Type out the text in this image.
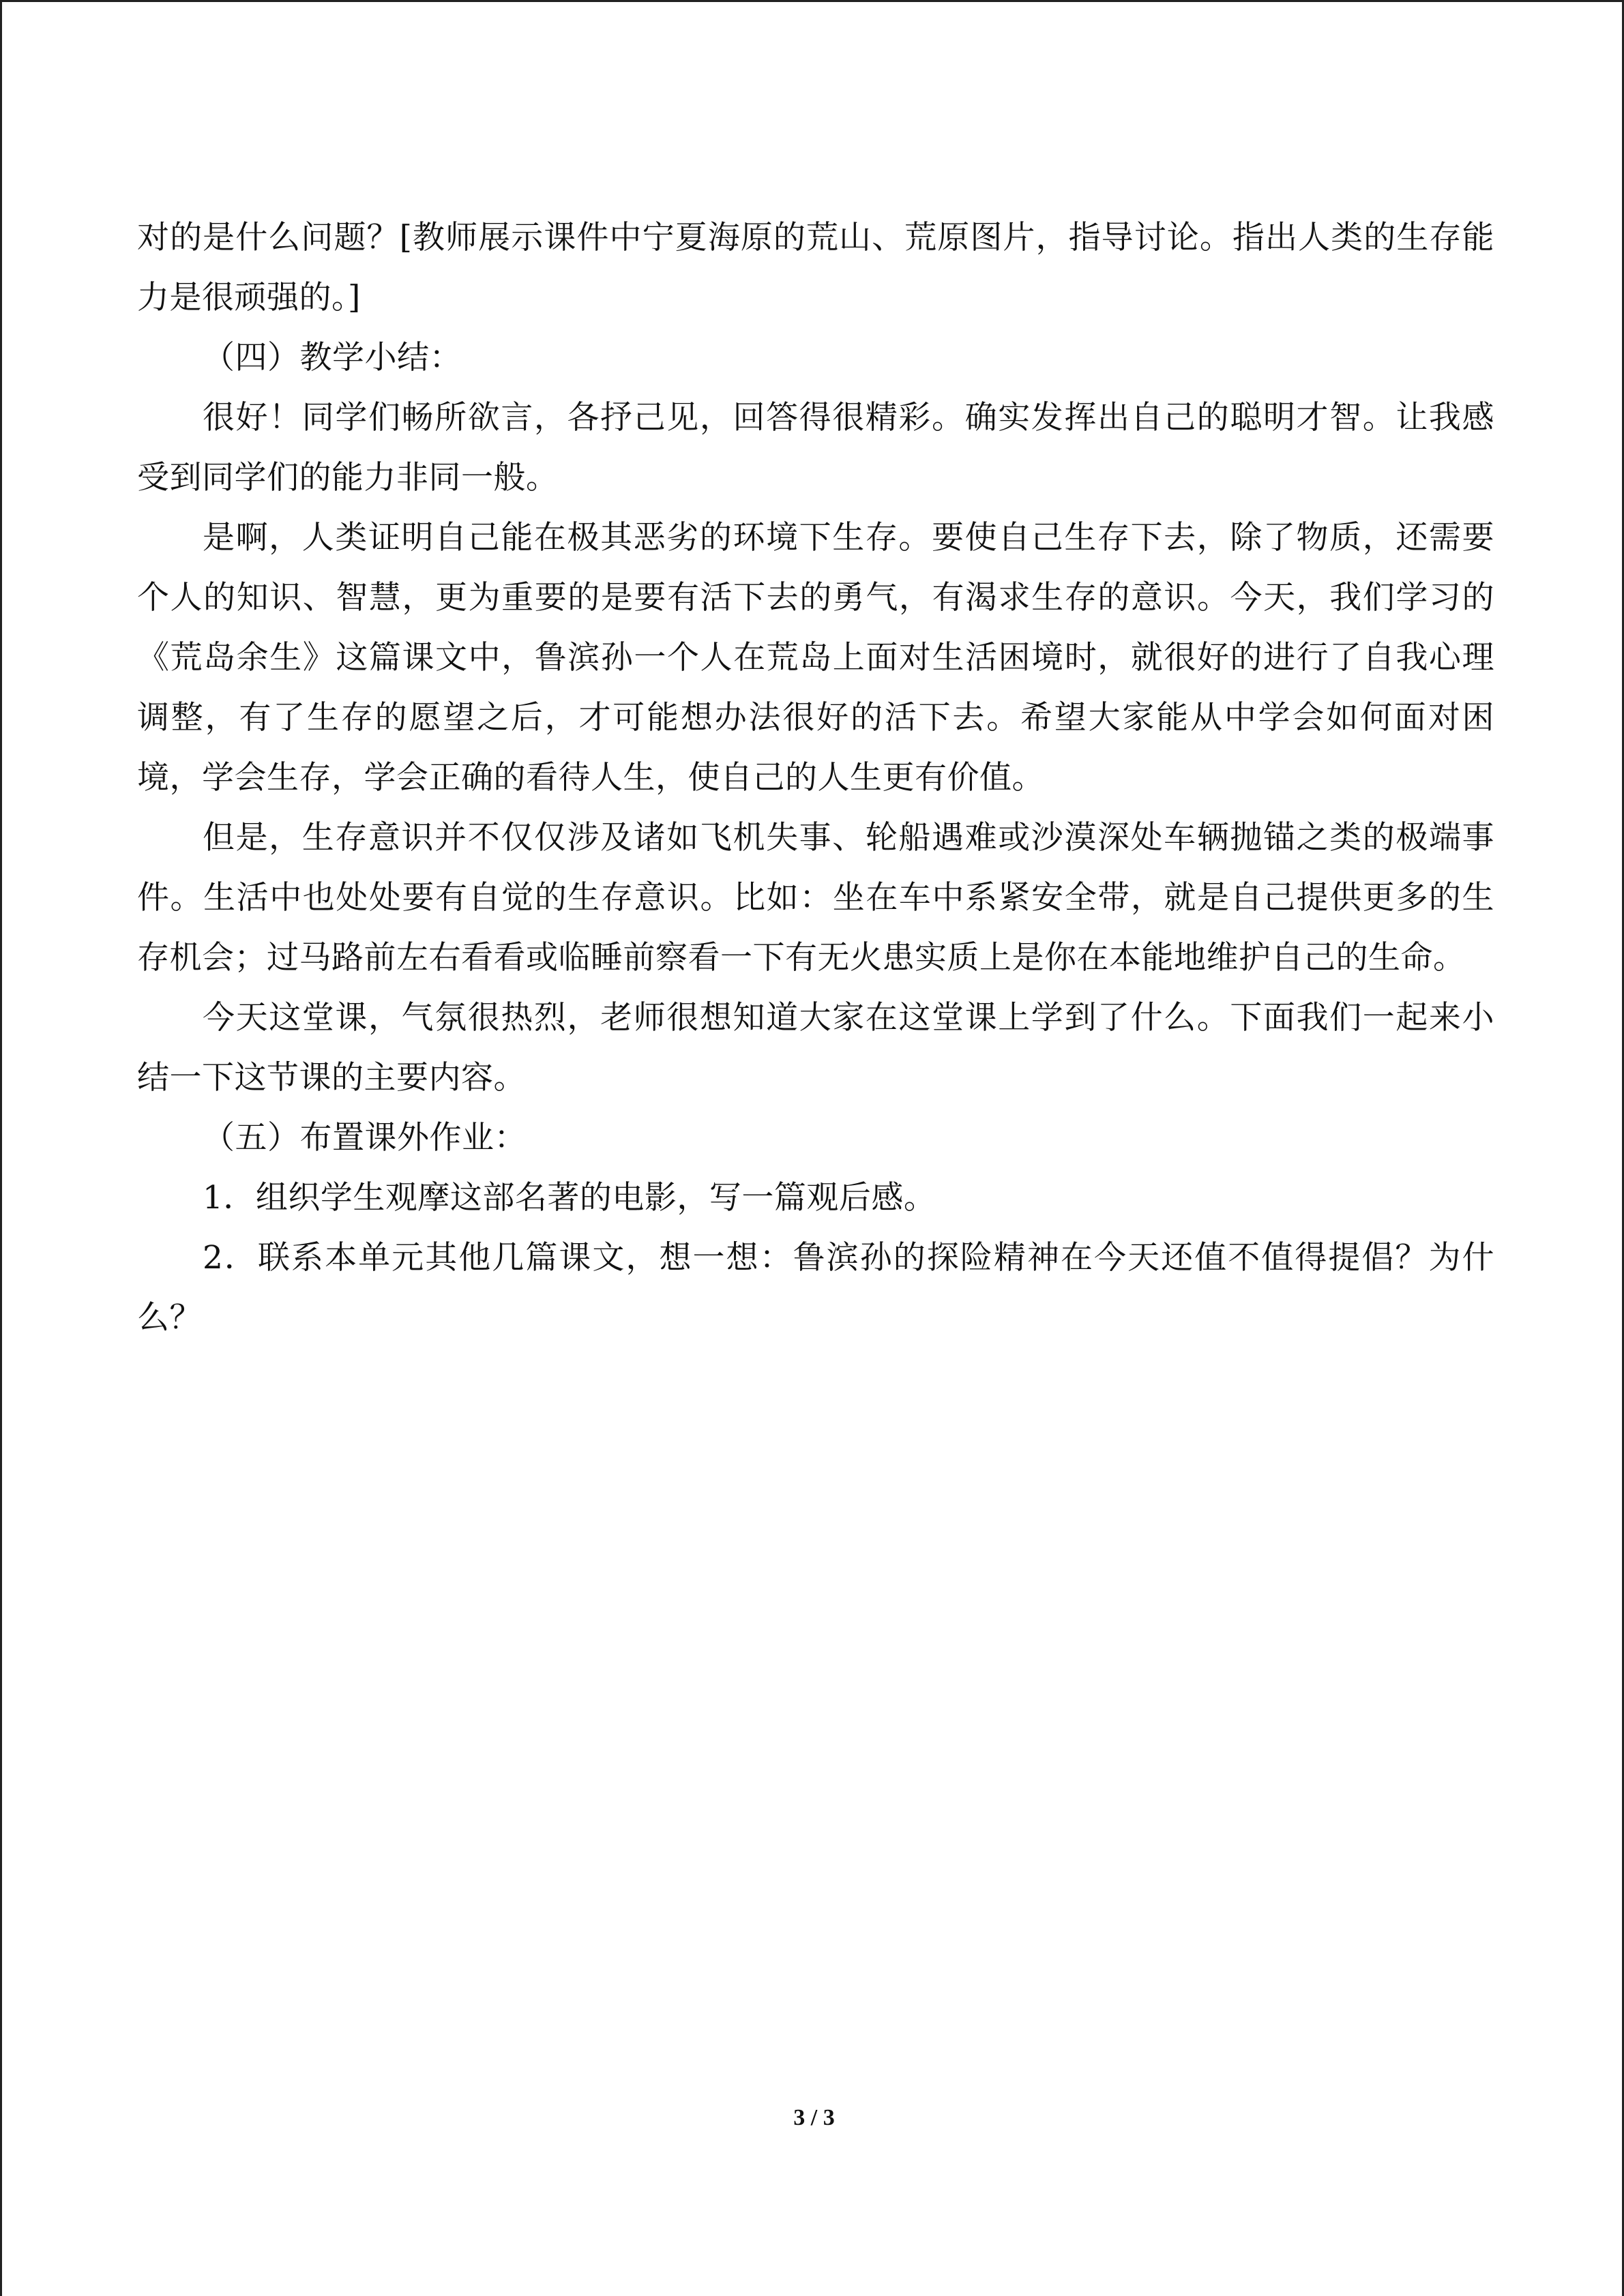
对的是什么问题？[教师展示课件中宁夏海原的荒山、荒原图片，指导讨论。指出人类的生存能力是很顽强的。]

（四）教学小结：

很好！同学们畅所欲言，各抒己见，回答得很精彩。确实发挥出自己的聪明才智。让我感受到同学们的能力非同一般。

是啊，人类证明自己能在极其恶劣的环境下生存。要使自己生存下去，除了物质，还需要个人的知识、智慧，更为重要的是要有活下去的勇气，有渴求生存的意识。今天，我们学习的《荒岛余生》这篇课文中，鲁滨孙一个人在荒岛上面对生活困境时，就很好的进行了自我心理调整，有了生存的愿望之后，才可能想办法很好的活下去。希望大家能从中学会如何面对困境，学会生存，学会正确的看待人生，使自己的人生更有价值。

但是，生存意识并不仅仅涉及诸如飞机失事、轮船遇难或沙漠深处车辆抛锚之类的极端事件。生活中也处处要有自觉的生存意识。比如：坐在车中系紧安全带，就是自己提供更多的生存机会；过马路前左右看看或临睡前察看一下有无火患实质上是你在本能地维护自己的生命。

今天这堂课，气氛很热烈，老师很想知道大家在这堂课上学到了什么。下面我们一起来小结一下这节课的主要内容。

（五）布置课外作业：

1．组织学生观摩这部名著的电影，写一篇观后感。

2．联系本单元其他几篇课文，想一想：鲁滨孙的探险精神在今天还值不值得提倡？为什么？

3 / 3
